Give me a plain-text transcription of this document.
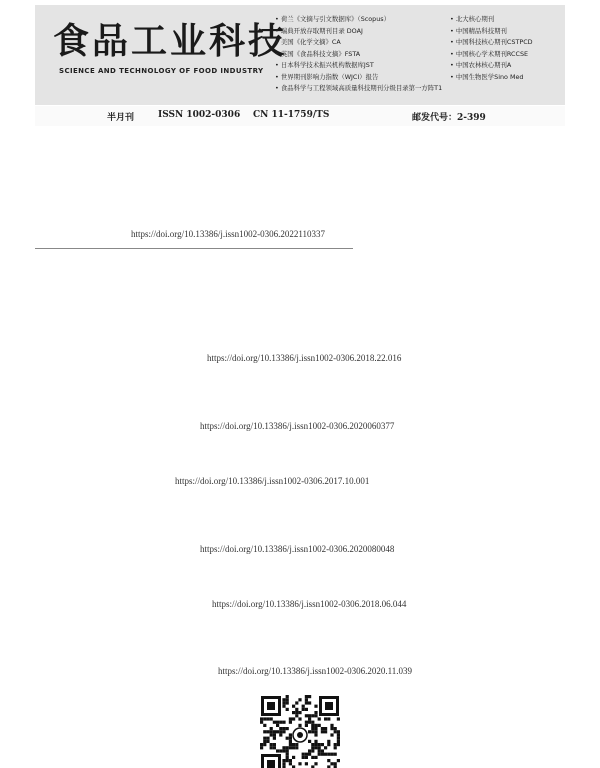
食品工业科技
SCIENCE AND TECHNOLOGY OF FOOD INDUSTRY
• 荷兰《文摘与引文数据库》（Scopus）
• 瑞典开放存取期刊目录 DOAJ
• 美国《化学文摘》CA
• 英国《食品科技文摘》FSTA
• 日本科学技术振兴机构数据库JST
• 世界期刊影响力指数（WJCI）报告
• 食品科学与工程领域高质量科技期刊分级目录第一方阵T1
• 北大核心期刊
• 中国精品科技期刊
• 中国科技核心期刊CSTPCD
• 中国核心学术期刊RCCSE
• 中国农林核心期刊A
• 中国生物医学Sino Med
半月刊	ISSN 1002-0306 CN 11-1759/TS	邮发代号：2-399
https://doi.org/10.13386/j.issn1002-0306.2022110337
https://doi.org/10.13386/j.issn1002-0306.2018.22.016
https://doi.org/10.13386/j.issn1002-0306.2020060377
https://doi.org/10.13386/j.issn1002-0306.2017.10.001
https://doi.org/10.13386/j.issn1002-0306.2020080048
https://doi.org/10.13386/j.issn1002-0306.2018.06.044
https://doi.org/10.13386/j.issn1002-0306.2020.11.039
